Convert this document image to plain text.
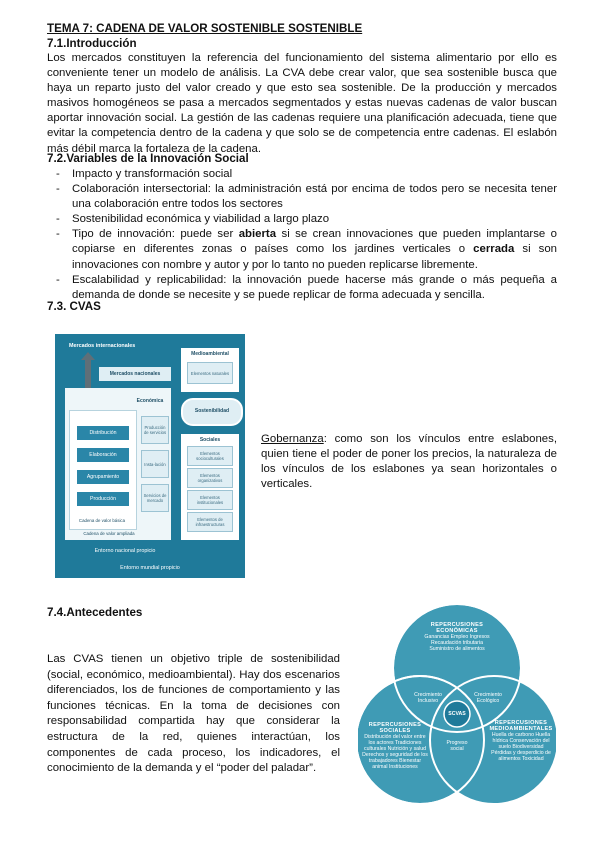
TEMA 7: CADENA DE VALOR SOSTENIBLE SOSTENIBLE
7.1.Introducción
Los mercados constituyen la referencia del funcionamiento del sistema alimentario por ello es conveniente tener un modelo de análisis. La CVA debe crear valor, que sea sostenible busca que haya un reparto justo del valor creado y que esto sea sostenible. De la producción y mercados masivos homogéneos se pasa a mercados segmentados y estas nuevas cadenas de valor buscan aportar innovación social. La gestión de las cadenas requiere una planificación adecuada, tiene que evitar la competencia dentro de la cadena y que solo se de competencia entre cadenas. El eslabón más débil marca la fortaleza de la cadena.
7.2.Variables de la Innovación Social
- Impacto y transformación social
- Colaboración intersectorial: la administración está por encima de todos pero se necesita tener una colaboración entre todos los sectores
- Sostenibilidad económica y viabilidad a largo plazo
- Tipo de innovación: puede ser abierta si se crean innovaciones que pueden implantarse o copiarse en diferentes zonas o países como los jardines verticales o cerrada si son innovaciones con nombre y autor y por lo tanto no pueden replicarse libremente.
- Escalabilidad y replicabilidad: la innovación puede hacerse más grande o más pequeña a demanda de donde se necesite y se puede replicar de forma adecuada y sencilla.
7.3. CVAS
Mercados internacionales
Mercados nacionales
Medioambiental
Elementos naturales
Sostenibilidad
Económica
Distribución
Elaboración
Agrupamiento
Producción
Cadena de valor básica
Producción de servicios
Insta-lación
Servicios de mercado
Cadena de valor ampliada
Sociales
Elementos socioculturales
Elementos organizativos
Elementos institucionales
Elementos de infraestructuras
Entorno nacional propicio
Entorno mundial propicio
Gobernanza: como son los vínculos entre eslabones, quien tiene el poder de poner los precios, la naturaleza de los vínculos de los eslabones ya sean horizontales o verticales.
7.4.Antecedentes
Las CVAS tienen un objetivo triple de sostenibilidad (social, económico, medioambiental). Hay dos escenarios diferenciados, los de funciones de comportamiento y las funciones técnicas. En la toma de decisiones con responsabilidad compartida hay que considerar la estructura de la red, quienes interactúan, los componentes de cada proceso, los indicadores, el conocimiento de la demanda y el “poder del paladar”.
REPERCUSIONES ECONÓMICAS
Ganancias Empleo Ingresos Recaudación tributaria Suministro de alimentos
REPERCUSIONES SOCIALES
Distribución del valor entre los actores Tradiciones culturales Nutrición y salud Derechos y seguridad de los trabajadores Bienestar animal Instituciones
REPERCUSIONES MEDIOAMBIENTALES
Huella de carbono Huella hídrica Conservación del suelo Biodiversidad Pérdidas y desperdicio de alimentos Toxicidad
Crecimiento Inclusivo
Crecimiento Ecológico
Progreso social
SCVAS
